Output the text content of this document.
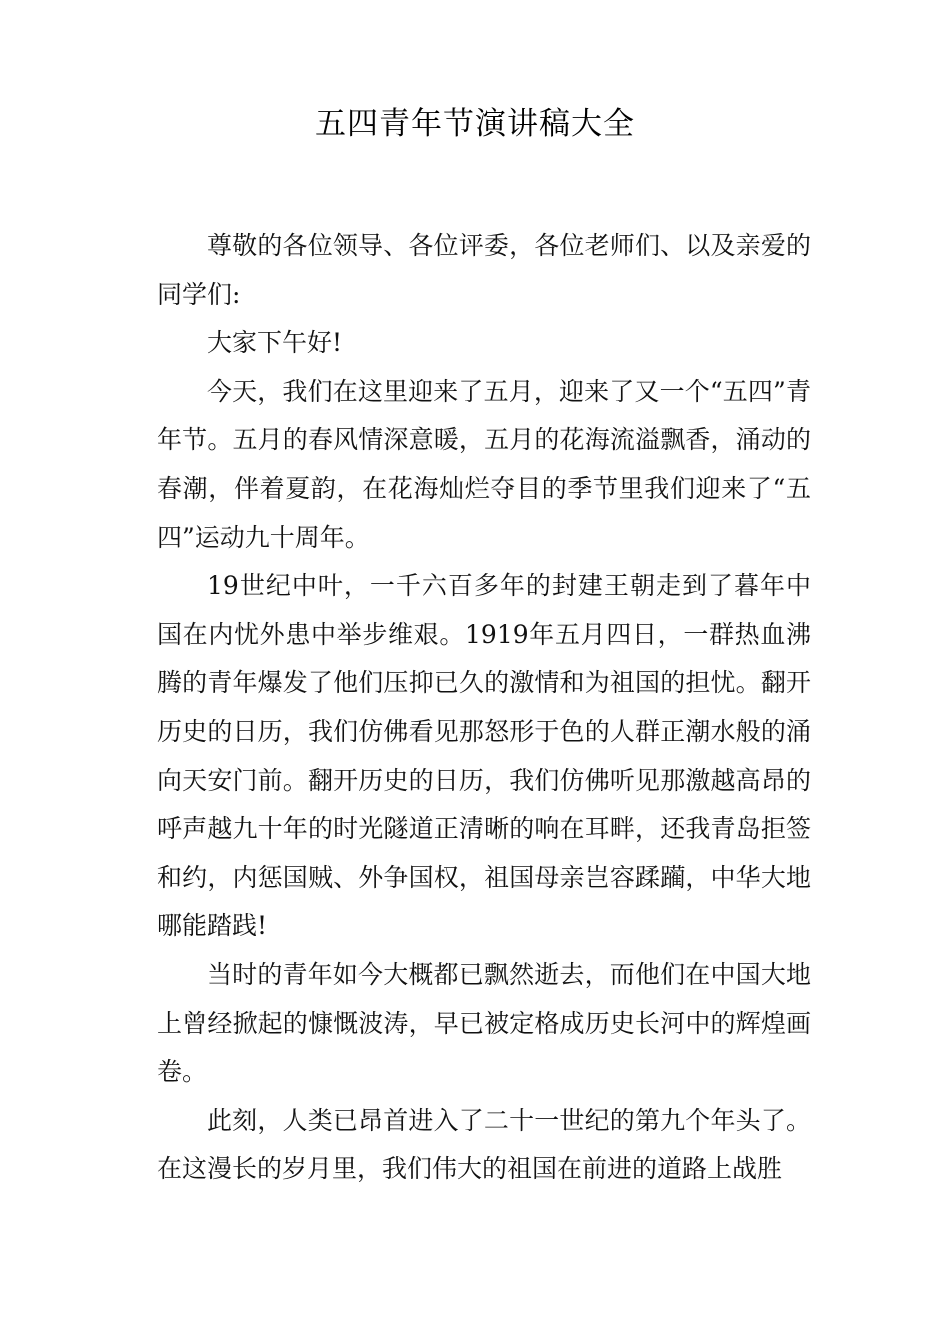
五四青年节演讲稿大全

尊敬的各位领导、各位评委，各位老师们、以及亲爱的同学们:

大家下午好!

今天，我们在这里迎来了五月，迎来了又一个“五四”青年节。五月的春风情深意暖，五月的花海流溢飘香，涌动的春潮，伴着夏韵，在花海灿烂夺目的季节里我们迎来了“五四”运动九十周年。

19世纪中叶，一千六百多年的封建王朝走到了暮年中国在内忧外患中举步维艰。1919年五月四日，一群热血沸腾的青年爆发了他们压抑已久的激情和为祖国的担忧。翻开历史的日历，我们仿佛看见那怒形于色的人群正潮水般的涌向天安门前。翻开历史的日历，我们仿佛听见那激越高昂的呼声越九十年的时光隧道正清晰的响在耳畔，还我青岛拒签和约，内惩国贼、外争国权，祖国母亲岂容蹂躏，中华大地哪能踏践!

当时的青年如今大概都已飘然逝去，而他们在中国大地上曾经掀起的慷慨波涛，早已被定格成历史长河中的辉煌画卷。

此刻，人类已昂首进入了二十一世纪的第九个年头了。在这漫长的岁月里，我们伟大的祖国在前进的道路上战胜
